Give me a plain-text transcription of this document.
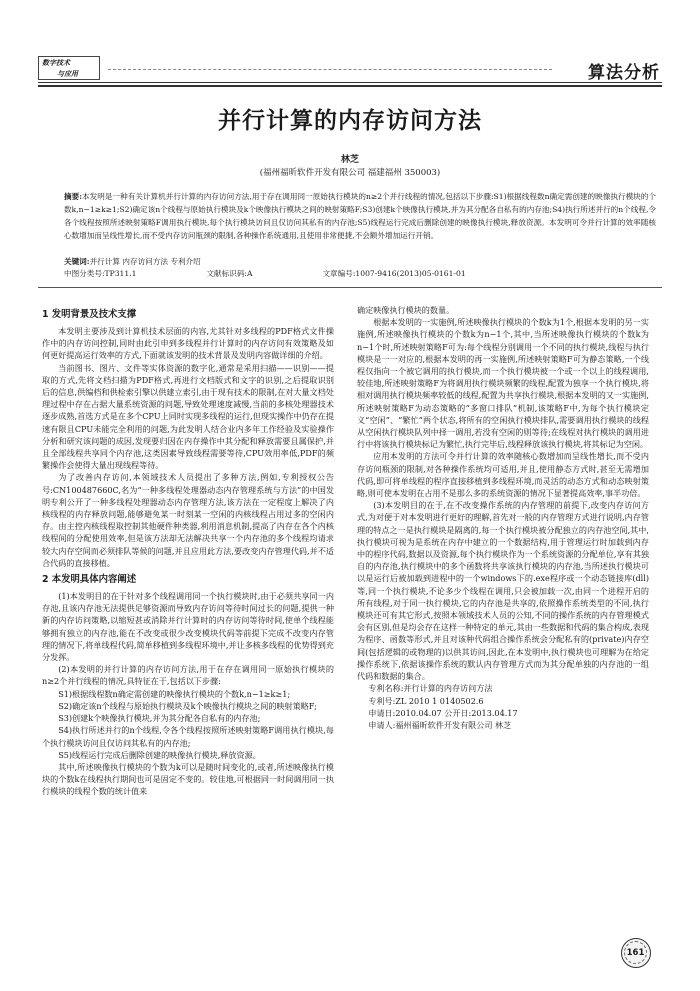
数字技术
与应用	算法分析
并行计算的内存访问方法
林芝
(福州福昕软件开发有限公司 福建福州 350003)
摘要:本发明是一种有关计算机并行计算的内存访问方法,用于存在调用同一原始执行模块的n≥2个并行线程的情况,包括以下步骤:S1)根据线程数n确定需创建的映像执行模块的个数k,n−1≥k≥1;S2)确定该n个线程与原始执行模块及k个映像执行模块之间的映射策略F;S3)创建k个映像执行模块,并为其分配各自私有的内存池;S4)执行所述并行的n个线程,令各个线程按照所述映射策略F调用执行模块,每个执行模块访问且仅访问其私有的内存池;S5)线程运行完成后删除创建的映像执行模块,释放资源。本发明可令并行计算的效率随核心数增加而呈线性增长,而不受内存访问瓶颈的限制,各种操作系统通用,且使用非常便捷,不会额外增加运行开销。
关键词:并行计算 内存访问方法 专利介绍
中图分类号:TP311.1	文献标识码:A	文章编号:1007-9416(2013)05-0161-01
1 发明背景及技术支撑

本发明主要涉及到计算机技术层面的内容,尤其针对多线程的PDF格式文件操作中的内存访问控制,同时由此引申到多线程并行计算时的内存访问有效策略及如何更好提高运行效率的方式,下面就该发明的技术背景及发明内容做详细的介绍。

当前图书、图片、文件等实体资源的数字化,通常是采用扫描——识别——提取的方式,先将文档扫描为PDF格式,再进行文档版式和文字的识别,之后提取识别后的信息,供编档和供检索引擎以供建立索引,由于现有技术的限制,在对大量文档处理过程中存在占据大量系统资源的问题,导致处理速度减慢,当前的多核处理器技术逐步成熟,首选方式是在多个CPU上同时实现多线程的运行,但现实操作中仍存在提速有限且CPU未能完全利用的问题,为此发明人结合业内多年工作经验及实验操作分析和研究该问题的成因,发现要归因在内存操作中其分配和释放需要且属保护,并且全部线程共享同个内存池,这类因素导致线程需要等待,CPU效用率低,PDF的频繁操作会使得大量出现线程等待。

为了改善内存访问,本领域技术人员提出了多种方法,例如,专利授权公告号:CN100487660C,名为“一种多线程处理器动态内存管理系统与方法”的中国发明专利公开了一种多线程处理器动态内存管理方法,该方法在一定程度上解决了内核线程的内存释放问题,能够避免某一时刻某一空闲的内核线程占用过多的空闲内存。由主控内核线程取控制其他硬件种类器,利用消息机制,提高了内存在各个内核线程间的分配使用效率,但是该方法却无法解决共享一个内存池的多个线程均请求较大内存空间而必须排队等候的问题,并且应用此方法,要改变内存管理代码,并不适合代码的直接移植。

2 本发明具体内容阐述

(1)本发明目的在于针对多个线程调用同一个执行模块时,由于必须共享同一内存池,且该内存池无法提供足够资源而导致内存访问等待时间过长的问题,提供一种新的内存访问策略,以缩短甚或消除并行计算时的内存访问等待时间,使单个线程能够拥有独立的内存池,能在不改变或很少改变模块代码等前提下完成不改变内存管理的情况下,将单线程代码,简单移植到多线程环境中,并让多核多线程的优势得到充分发挥。

(2)本发明的并行计算的内存访问方法,用于在存在调用同一原始执行模块的n≥2个并行线程的情况,具特征在于,包括以下步骤:

S1)根据线程数n确定需创建的映像执行模块的个数k,n−1≥k≥1;

S2)确定该n个线程与原始执行模块及k个映像执行模块之间的映射策略F;

S3)创建k个映像执行模块,并为其分配各自私有的内存池;

S4)执行所述并行的n个线程,令各个线程按照所述映射策略F调用执行模块,每个执行模块访问且仅访问其私有的内存池;

S5)线程运行完成后删除创建的映像执行模块,释放资源。

其中,所述映像执行模块的个数为k可以是随时间变化的,或者,所述映像执行模块的个数k在线程执行期间也可是固定不变的。较佳地,可根据同一时间调用同一执行模块的线程个数的统计值来

确定映像执行模块的数量。

根据本发明的一实施例,所述映像执行模块的个数k为1个,根据本发明的另一实施例,所述映像执行模块的个数k为n−1个,其中,当所述映像执行模块的个数k为n−1个时,所述映射策略F可为:每个线程分别调用一个不同的执行模块,线程与执行模块是一一对应的,根据本发明的再一实施例,所述映射策略F可为静态策略,一个线程仅指向一个被它调用的执行模块,而一个执行模块被一个或一个以上的线程调用,较佳地,所述映射策略F为将调用执行模块频繁的线程,配置为独享一个执行模块,将相对调用执行模块频率较低的线程,配置为共享执行模块,根据本发明的又一实施例,所述映射策略F为动态策略的“多窗口排队”机制,该策略F中,为每个执行模块定义“空闲”、“繁忙”两个状态,将所有的空闲执行模块排队,需要调用执行模块的线程从空闲执行模块队列中择一调用,若没有空闲的则等待;在线程对执行模块的调用进行中将该执行模块标记为繁忙,执行完毕后,线程释放该执行模块,将其标记为空闲。

应用本发明的方法可令并行计算的效率随核心数增加而呈线性增长,而不受内存访问瓶颈的限制,对各种操作系统均可适用,并且,使用静态方式时,甚至无需增加代码,即可将单线程的程序直接移植到多线程环境,而灵活的动态方式和动态映射策略,则可使本发明在占用不是那么多的系统资源的情况下显著提高效率,事半功倍。

(3)本发明目的在于,在不改变操作系统的内存管理的前提下,改变内存访问方式,为对便于对本发明进行更好的理解,首先对一般的内存管理方式进行说明,内存管理的特点之一是执行模块是隔离的,每一个执行模块被分配独立的内存池空间,其中,执行模块可视为是系统在内存中建立的一个数据结构,用于管理运行时加载到内存中的程序代码,数据以及资源,每个执行模块作为一个系统资源的分配单位,享有其独自的内存池,执行模块中的多个函数将共享该执行模块的内存池,当所述执行模块可以是运行后被加载到进程中的一个windows下的.exe程序或一个动态链接库(dll)等,同一个执行模块,不论多少个线程在调用,只会被加载一次,由同一个进程开启的所有线程,对于同一执行模块,它的内存池是共享的,依照操作系统类型的不同,执行模块还可有其它形式,按照本领域技术人员的公知,不同的操作系统的内存管理模式会有区别,但是均会存在这样一种特定的单元,其由一些数据和代码的集合构成,表现为程序、函数等形式,并且对该种代码组合操作系统会分配私有的(private)内存空间(包括逻辑的或物理的)以供其访问,因此,在本发明中,执行模块也可理解为在给定操作系统下,依据该操作系统的默认内存管理方式而为其分配单独的内存池的一组代码和数据的集合。

专利名称:并行计算的内存访问方法

专利号:ZL 2010 1 0140502.6

申请日:2010.04.07 公开日:2013.04.17

申请人:福州福昕软件开发有限公司 林芝

161
